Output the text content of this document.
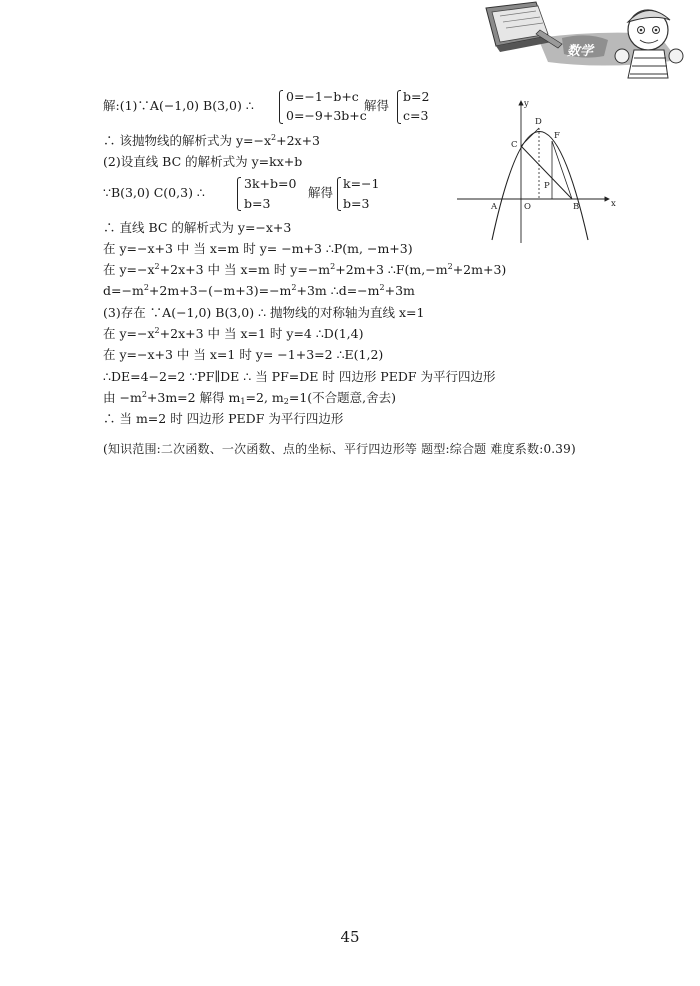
数学
解:(1)∵A(−1,0) B(3,0) ∴
0=−1−b+c
0=−9+3b+c
解得
b=2
c=3
∴ 该抛物线的解析式为 $y=-x^2+2x+3$
(2)设直线 BC 的解析式为 y=kx+b
∵B(3,0) C(0,3) ∴
3k+b=0
b=3
解得
k=−1
b=3
∴ 直线 BC 的解析式为 y=−x+3
在 y=−x+3 中 当 x=m 时 y= −m+3 ∴P(m, −m+3)
在 $y=-x^2+2x+3$ 中 当 x=m 时 $y=-m^2+2m+3$ $\therefore F(m,-m^2+2m+3)$
$d=-m^2+2m+3-(-m+3)=-m^2+3m$ $\therefore d=-m^2+3m$
(3)存在 ∵A(−1,0) B(3,0) ∴ 抛物线的对称轴为直线 x=1
在 $y=-x^2+2x+3$ 中 当 x=1 时 y=4 ∴D(1,4)
在 y=−x+3 中 当 x=1 时 y= −1+3=2 ∴E(1,2)
∴DE=4−2=2 ∵PF∥DE ∴ 当 PF=DE 时 四边形 PEDF 为平行四边形
由 $-m^2+3m=2$ 解得 $m_1=2$, $m_2=1$(不合题意,舍去)
∴ 当 m=2 时 四边形 PEDF 为平行四边形
(知识范围:二次函数、一次函数、点的坐标、平行四边形等 题型:综合题 难度系数:0.39)
y
x
A	O	B
C
D
F
P
45
